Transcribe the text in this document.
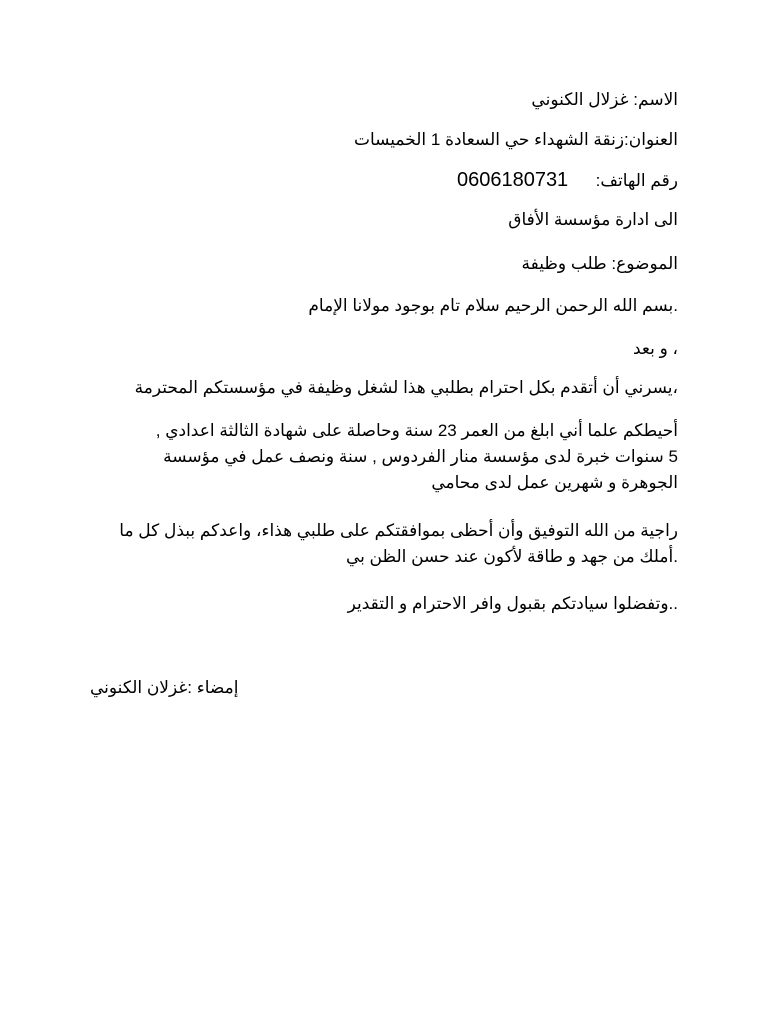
الاسم: غزلال الكنوني
العنوان:زنقة الشهداء حي السعادة 1 الخميسات
رقم الهاتف:  0606180731
الى ادارة مؤسسة الأفاق
الموضوع: طلب وظيفة
.بسم الله الرحمن الرحيم سلام تام بوجود مولانا الإمام
، و بعد
،يسرني أن أتقدم بكل احترام بطلبي هذا لشغل وظيفة في مؤسستكم المحترمة
أحيطكم علما أني ابلغ من العمر 23 سنة وحاصلة على شهادة الثالثة اعدادي ,
5 سنوات خبرة لدى مؤسسة منار الفردوس , سنة ونصف عمل في مؤسسة
الجوهرة و شهرين عمل لدى محامي
راجية من الله التوفيق وأن أحظى بموافقتكم على طلبي هذاء، واعدكم ببذل كل ما
.أملك من جهد و طاقة لأكون عند حسن الظن بي
..وتفضلوا سيادتكم بقبول وافر الاحترام و التقدير
إمضاء :غزلان الكنوني
